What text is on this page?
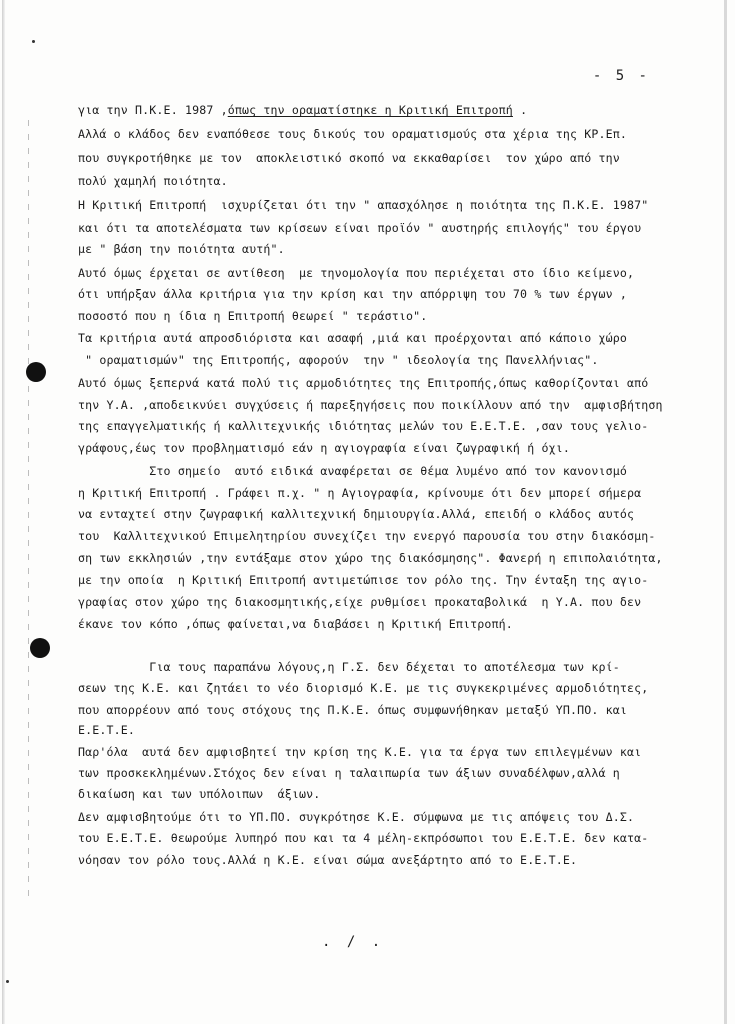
- 5 -
για την Π.Κ.Ε. 1987 ,όπως την οραματίστηκε η Κριτική Επιτροπή .
Αλλά ο κλάδος δεν εναπόθεσε τους δικούς του οραματισμούς στα χέρια της ΚΡ.Επ.
που συγκροτήθηκε με τον  αποκλειστικό σκοπό να εκκαθαρίσει  τον χώρο από την
πολύ χαμηλή ποιότητα.
Η Κριτική Επιτροπή  ισχυρίζεται ότι την " απασχόλησε η ποιότητα της Π.Κ.Ε. 1987"
και ότι τα αποτελέσματα των κρίσεων είναι προϊόν " αυστηρής επιλογής" του έργου
με " βάση την ποιότητα αυτή".
Αυτό όμως έρχεται σε αντίθεση  με τηνομολογία που περιέχεται στο ίδιο κείμενο,
ότι υπήρξαν άλλα κριτήρια για την κρίση και την απόρριψη του 70 % των έργων ,
ποσοστό που η ίδια η Επιτροπή θεωρεί " τεράστιο".
Τα κριτήρια αυτά απροσδιόριστα και ασαφή ,μιά και προέρχονται από κάποιο χώρο
" οραματισμών" της Επιτροπής, αφορούν  την " ιδεολογία της Πανελλήνιας".
Αυτό όμως ξεπερνά κατά πολύ τις αρμοδιότητες της Επιτροπής,όπως καθορίζονται από
την Υ.Α. ,αποδεικνύει συγχύσεις ή παρεξηγήσεις που ποικίλλουν από την  αμφισβήτηση
της επαγγελματικής ή καλλιτεχνικής ιδιότητας μελών του Ε.Ε.Τ.Ε. ,σαν τους γελιο-
γράφους,έως τον προβληματισμό εάν η αγιογραφία είναι ζωγραφική ή όχι.
Στο σημείο  αυτό ειδικά αναφέρεται σε θέμα λυμένο από τον κανονισμό
η Κριτική Επιτροπή . Γράφει π.χ. " η Αγιογραφία, κρίνουμε ότι δεν μπορεί σήμερα
να ενταχτεί στην ζωγραφική καλλιτεχνική δημιουργία.Αλλά, επειδή ο κλάδος αυτός
του  Καλλιτεχνικού Επιμελητηρίου συνεχίζει την ενεργό παρουσία του στην διακόσμη-
ση των εκκλησιών ,την εντάξαμε στον χώρο της διακόσμησης". Φανερή η επιπολαιότητα,
με την οποία  η Κριτική Επιτροπή αντιμετώπισε τον ρόλο της. Την ένταξη της αγιο-
γραφίας στον χώρο της διακοσμητικής,είχε ρυθμίσει προκαταβολικά  η Υ.Α. που δεν
έκανε τον κόπο ,όπως φαίνεται,να διαβάσει η Κριτική Επιτροπή.
Για τους παραπάνω λόγους,η Γ.Σ. δεν δέχεται το αποτέλεσμα των κρί-
σεων της Κ.Ε. και ζητάει το νέο διορισμό Κ.Ε. με τις συγκεκριμένες αρμοδιότητες,
που απορρέουν από τους στόχους της Π.Κ.Ε. όπως συμφωνήθηκαν μεταξύ ΥΠ.ΠΟ. και
Ε.Ε.Τ.Ε.
Παρ'όλα  αυτά δεν αμφισβητεί την κρίση της Κ.Ε. για τα έργα των επιλεγμένων και
των προσκεκλημένων.Στόχος δεν είναι η ταλαιπωρία των άξιων συναδέλφων,αλλά η
δικαίωση και των υπόλοιπων  άξιων.
Δεν αμφισβητούμε ότι το ΥΠ.ΠΟ. συγκρότησε Κ.Ε. σύμφωνα με τις απόψεις του Δ.Σ.
του Ε.Ε.Τ.Ε. θεωρούμε λυπηρό που και τα 4 μέλη-εκπρόσωποι του Ε.Ε.Τ.Ε. δεν κατα-
νόησαν τον ρόλο τους.Αλλά η Κ.Ε. είναι σώμα ανεξάρτητο από το Ε.Ε.Τ.Ε.
. / .
